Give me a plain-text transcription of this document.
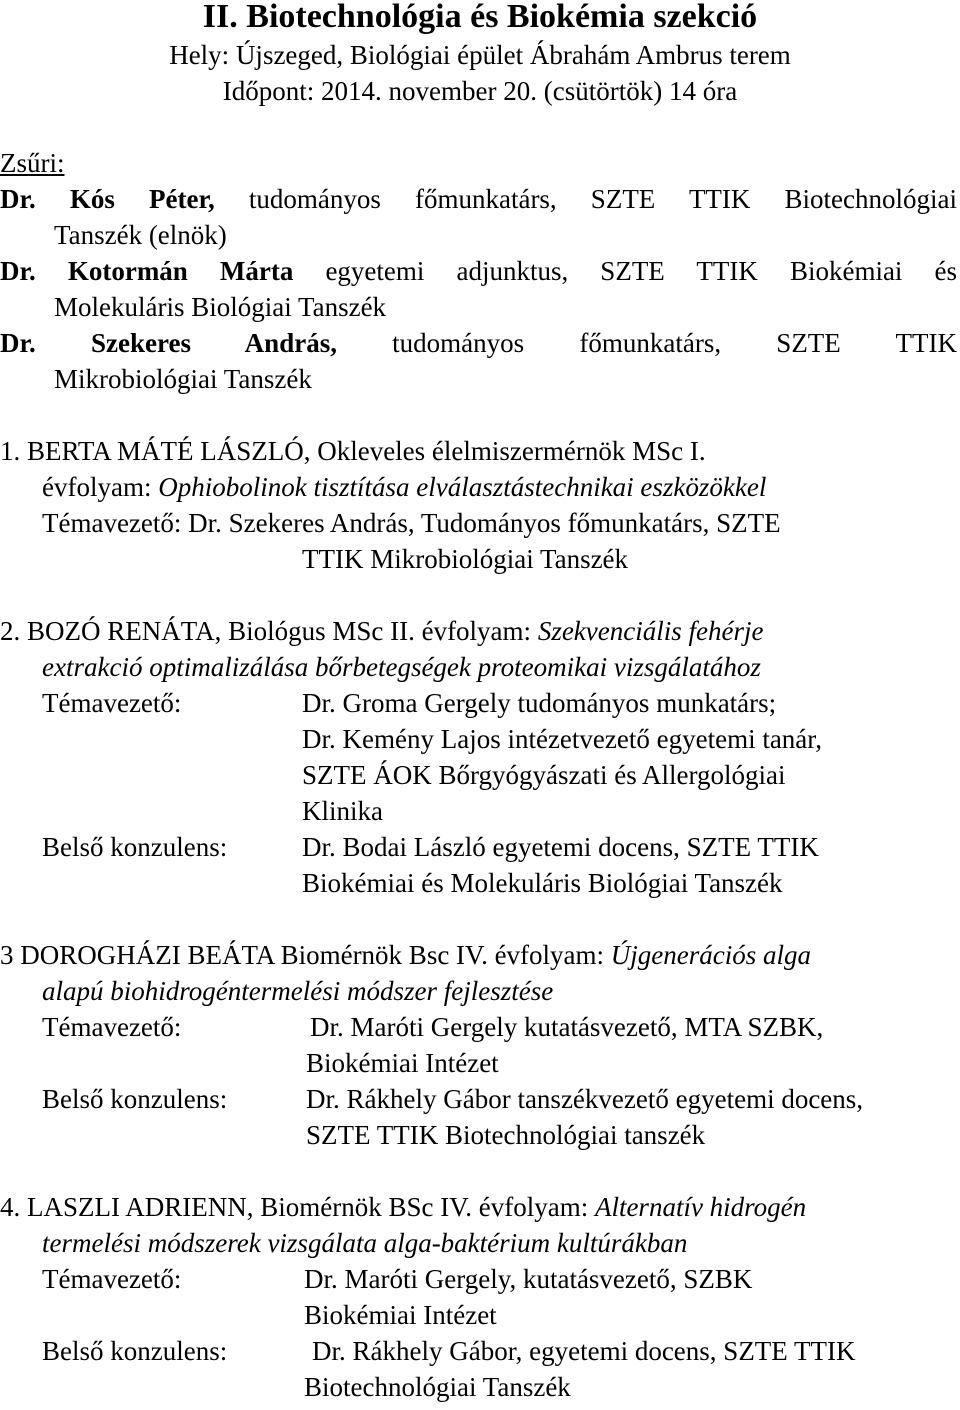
II. Biotechnológia és Biokémia szekció
Hely: Újszeged, Biológiai épület Ábrahám Ambrus terem
Időpont: 2014. november 20. (csütörtök) 14 óra
Zsűri:
Dr. Kós Péter, tudományos főmunkatárs, SZTE TTIK Biotechnológiai
Tanszék (elnök)
Dr. Kotormán Márta egyetemi adjunktus, SZTE TTIK Biokémiai és
Molekuláris Biológiai Tanszék
Dr. Szekeres András, tudományos főmunkatárs, SZTE TTIK
Mikrobiológiai Tanszék
1. BERTA MÁTÉ LÁSZLÓ, Okleveles élelmiszermérnök MSc I.
évfolyam: Ophiobolinok tisztítása elválasztástechnikai eszközökkel
Témavezető: Dr. Szekeres András, Tudományos főmunkatárs, SZTE
TTIK Mikrobiológiai Tanszék
2. BOZÓ RENÁTA, Biológus MSc II. évfolyam: Szekvenciális fehérje
extrakció optimalizálása bőrbetegségek proteomikai vizsgálatához
Témavezető:	Dr. Groma Gergely tudományos munkatárs;
Dr. Kemény Lajos intézetvezető egyetemi tanár,
SZTE ÁOK Bőrgyógyászati és Allergológiai
Klinika
Belső konzulens:	Dr. Bodai László egyetemi docens, SZTE TTIK
Biokémiai és Molekuláris Biológiai Tanszék
3 DOROGHÁZI BEÁTA Biomérnök Bsc IV. évfolyam: Újgenerációs alga
alapú biohidrogéntermelési módszer fejlesztése
Témavezető:	Dr. Maróti Gergely kutatásvezető, MTA SZBK,
Biokémiai Intézet
Belső konzulens:	Dr. Rákhely Gábor tanszékvezető egyetemi docens,
SZTE TTIK Biotechnológiai tanszék
4. LASZLI ADRIENN, Biomérnök BSc IV. évfolyam: Alternatív hidrogén
termelési módszerek vizsgálata alga-baktérium kultúrákban
Témavezető:	Dr. Maróti Gergely, kutatásvezető, SZBK
Biokémiai Intézet
Belső konzulens:	Dr. Rákhely Gábor, egyetemi docens, SZTE TTIK
Biotechnológiai Tanszék
